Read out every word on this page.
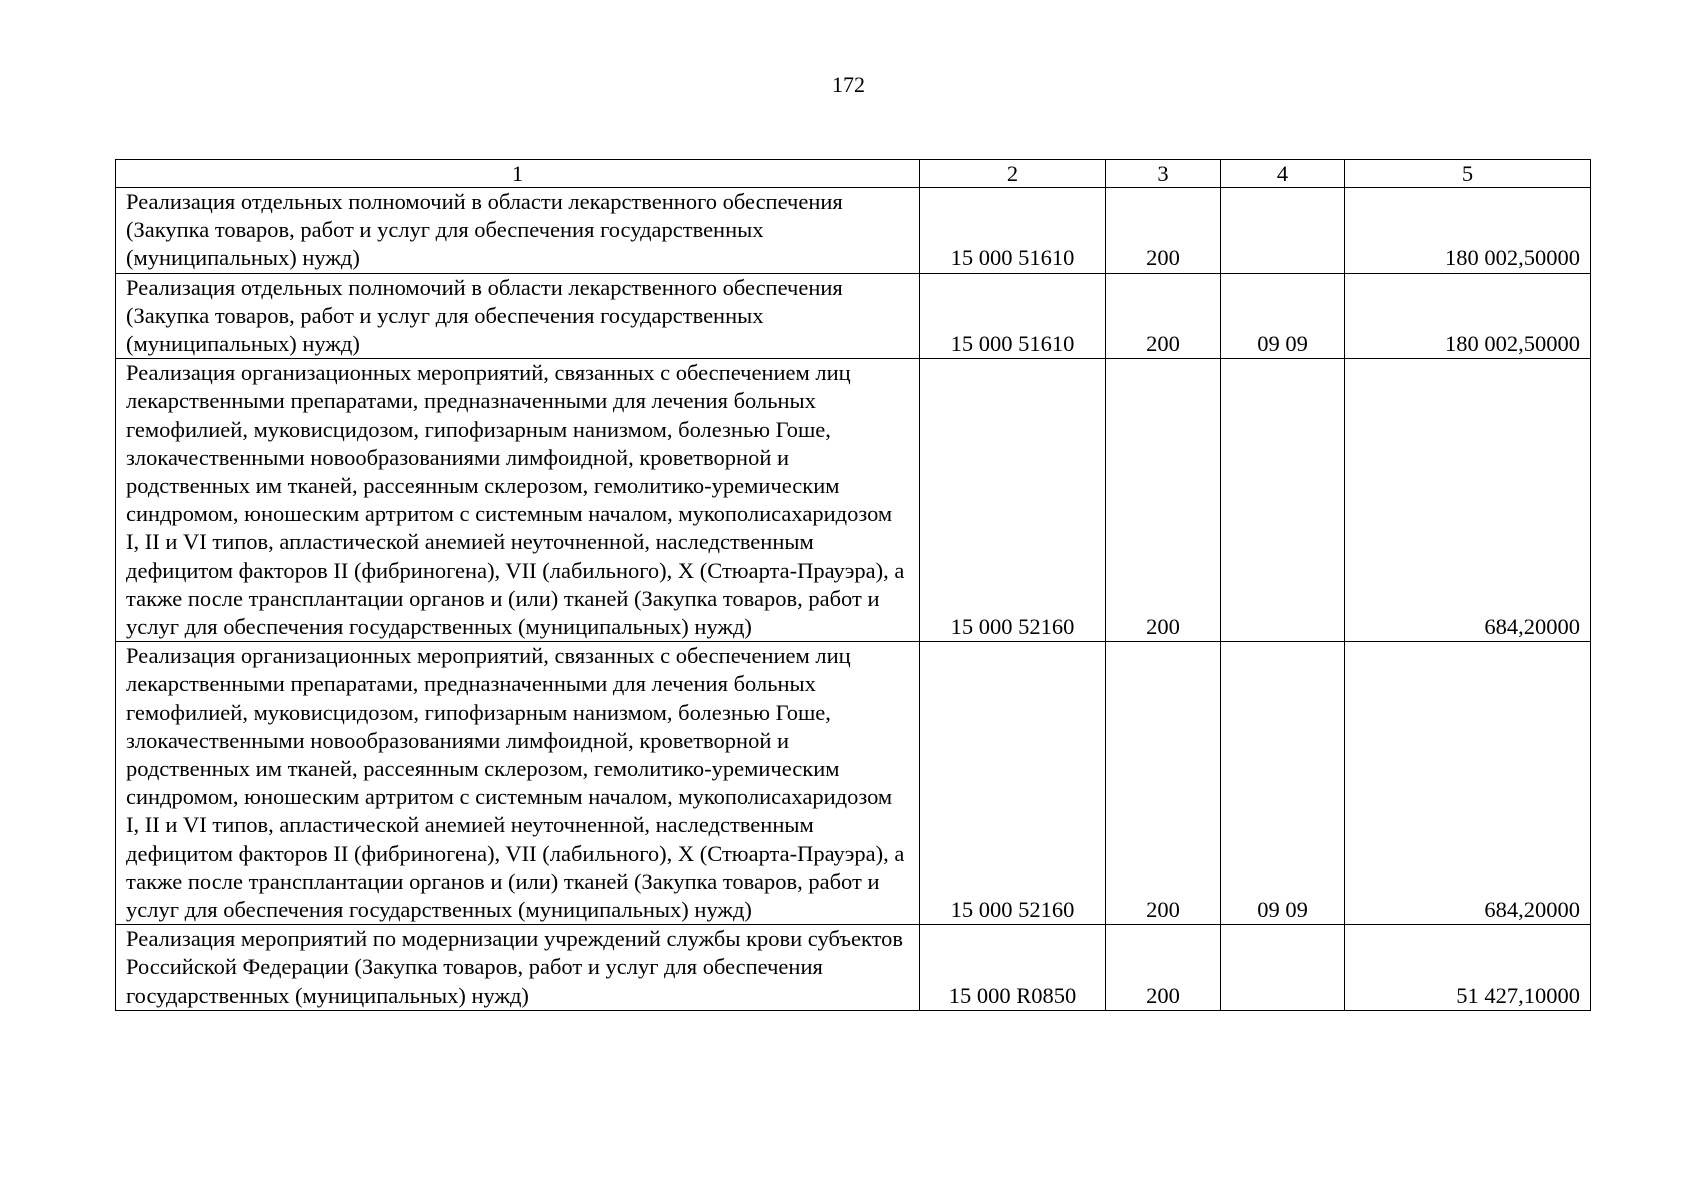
172
1	2	3	4	5
Реализация отдельных полномочий в области лекарственного обеспечения (Закупка товаров, работ и услуг для обеспечения государственных (муниципальных) нужд)	15 000 51610	200		180 002,50000
Реализация отдельных полномочий в области лекарственного обеспечения (Закупка товаров, работ и услуг для обеспечения государственных (муниципальных) нужд)	15 000 51610	200	09 09	180 002,50000
Реализация организационных мероприятий, связанных с обеспечением лиц лекарственными препаратами, предназначенными для лечения больных гемофилией, муковисцидозом, гипофизарным нанизмом, болезнью Гоше, злокачественными новообразованиями лимфоидной, кроветворной и родственных им тканей, рассеянным склерозом, гемолитико-уремическим синдромом, юношеским артритом с системным началом, мукополисахаридозом I, II и VI типов, апластической анемией неуточненной, наследственным дефицитом факторов II (фибриногена), VII (лабильного), X (Стюарта-Прауэра), а также после трансплантации органов и (или) тканей (Закупка товаров, работ и услуг для обеспечения государственных (муниципальных) нужд)	15 000 52160	200		684,20000
Реализация организационных мероприятий, связанных с обеспечением лиц лекарственными препаратами, предназначенными для лечения больных гемофилией, муковисцидозом, гипофизарным нанизмом, болезнью Гоше, злокачественными новообразованиями лимфоидной, кроветворной и родственных им тканей, рассеянным склерозом, гемолитико-уремическим синдромом, юношеским артритом с системным началом, мукополисахаридозом I, II и VI типов, апластической анемией неуточненной, наследственным дефицитом факторов II (фибриногена), VII (лабильного), X (Стюарта-Прауэра), а также после трансплантации органов и (или) тканей (Закупка товаров, работ и услуг для обеспечения государственных (муниципальных) нужд)	15 000 52160	200	09 09	684,20000
Реализация мероприятий по модернизации учреждений службы крови субъектов Российской Федерации (Закупка товаров, работ и услуг для обеспечения государственных (муниципальных) нужд)	15 000 R0850	200		51 427,10000
